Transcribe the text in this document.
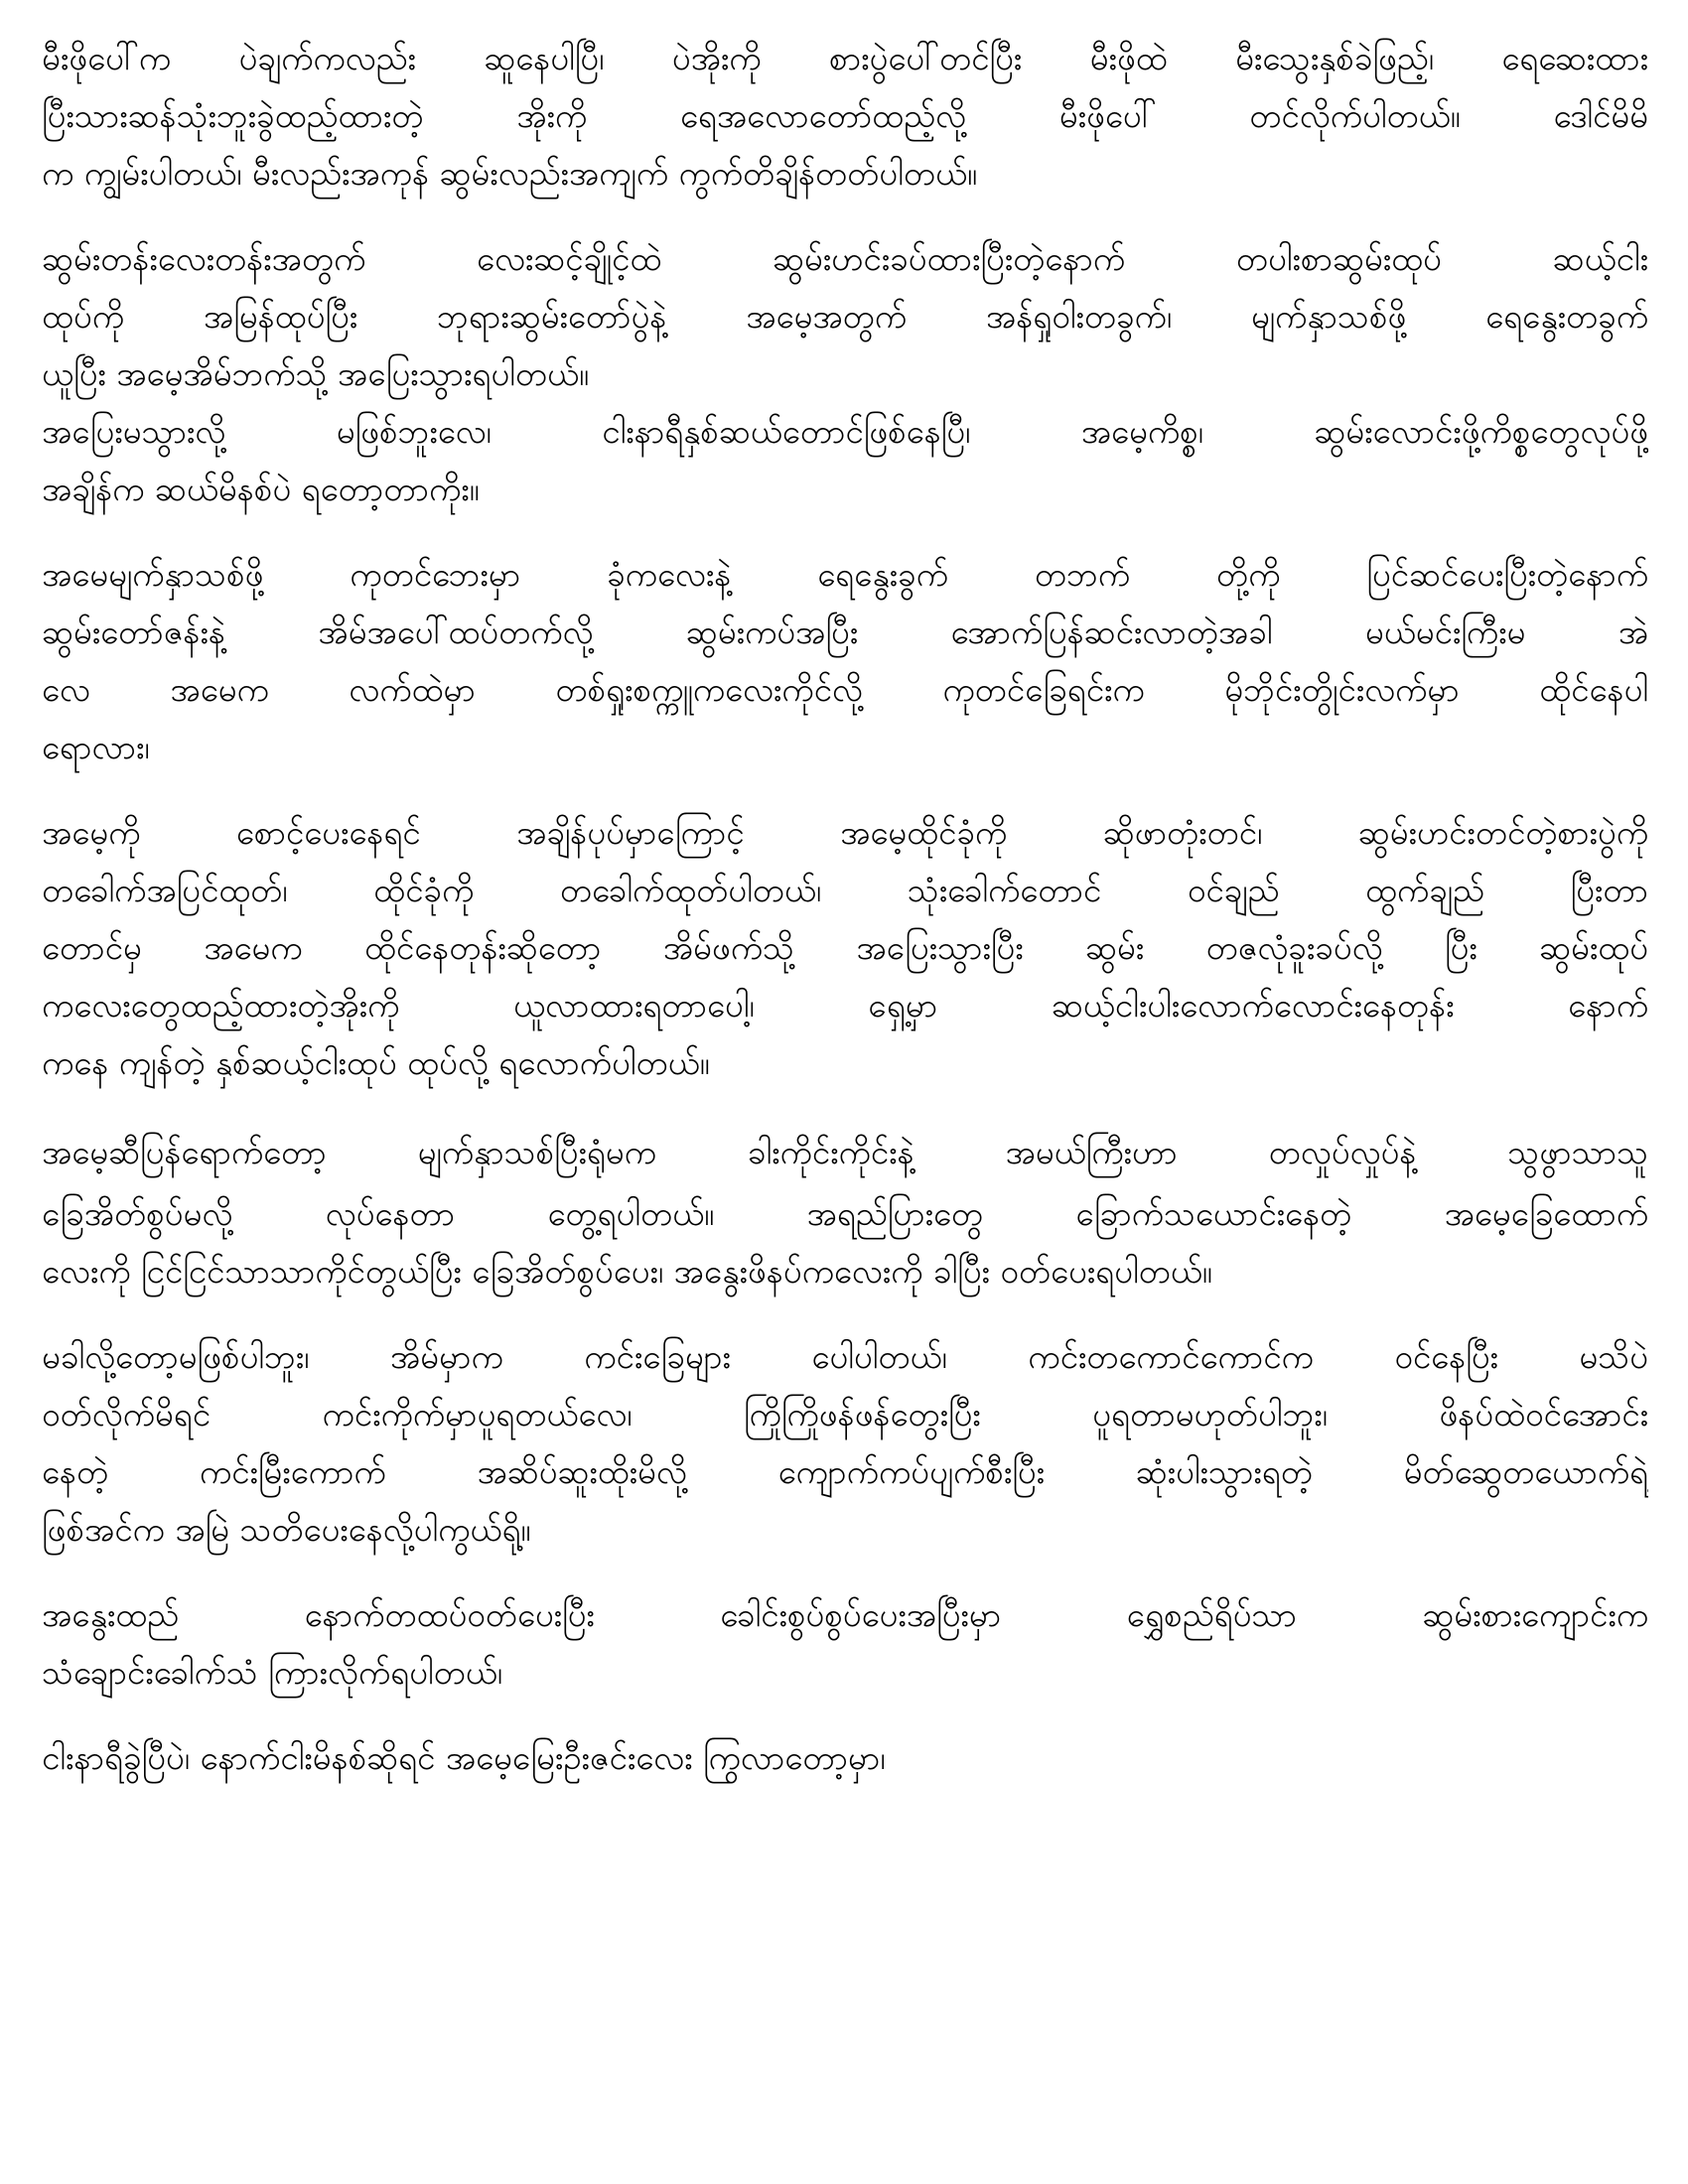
မီးဖိုပေါ်က ပဲချက်ကလည်း ဆူနေပါပြီ၊ ပဲအိုးကို စားပွဲပေါ်တင်ပြီး မီးဖိုထဲ မီးသွေးနှစ်ခဲဖြည့်၊ ရေဆေးထား
ပြီးသားဆန်သုံးဘူးခွဲထည့်ထားတဲ့ အိုးကို ရေအလောတော်ထည့်လို့ မီးဖိုပေါ် တင်လိုက်ပါတယ်။ ဒေါင်မိမိ
က ကျွမ်းပါတယ်၊ မီးလည်းအကုန် ဆွမ်းလည်းအကျက် ကွက်တိချိန်တတ်ပါတယ်။
ဆွမ်းတန်းလေးတန်းအတွက် လေးဆင့်ချိုင့်ထဲ ဆွမ်းဟင်းခပ်ထားပြီးတဲ့နောက် တပါးစာဆွမ်းထုပ် ဆယ့်ငါး
ထုပ်ကို အမြန်ထုပ်ပြီး ဘုရားဆွမ်းတော်ပွဲနဲ့ အမေ့အတွက် အန်ရှုဝါးတခွက်၊ မျက်နှာသစ်ဖို့ ရေနွေးတခွက်
ယူပြီး အမေ့အိမ်ဘက်သို့ အပြေးသွားရပါတယ်။
အပြေးမသွားလို့ မဖြစ်ဘူးလေ၊ ငါးနာရီနှစ်ဆယ်တောင်ဖြစ်နေပြီ၊ အမေ့ကိစ္စ၊ ဆွမ်းလောင်းဖို့ကိစ္စတွေလုပ်ဖို့
အချိန်က ဆယ်မိနစ်ပဲ ရတော့တာကိုး။
အမေမျက်နှာသစ်ဖို့ ကုတင်ဘေးမှာ ခုံကလေးနဲ့ ရေနွေးခွက် တဘက် တို့ကို ပြင်ဆင်ပေးပြီးတဲ့နောက်
ဆွမ်းတော်ဇန်းနဲ့ အိမ်အပေါ်ထပ်တက်လို့ ဆွမ်းကပ်အပြီး အောက်ပြန်ဆင်းလာတဲ့အခါ မယ်မင်းကြီးမ အဲ
လေ အမေက လက်ထဲမှာ တစ်ရှုးစက္ကူကလေးကိုင်လို့ ကုတင်ခြေရင်းက မိုဘိုင်းတွိုင်းလက်မှာ ထိုင်နေပါ
ရောလား၊
အမေ့ကို စောင့်ပေးနေရင် အချိန်ပုပ်မှာကြောင့် အမေ့ထိုင်ခုံကို ဆိုဖာတုံးတင်၊ ဆွမ်းဟင်းတင်တဲ့စားပွဲကို
တခေါက်အပြင်ထုတ်၊ ထိုင်ခုံကို တခေါက်ထုတ်ပါတယ်၊ သုံးခေါက်တောင် ဝင်ချည် ထွက်ချည် ပြီးတာ
တောင်မှ အမေက ထိုင်နေတုန်းဆိုတော့ အိမ်ဖက်သို့ အပြေးသွားပြီး ဆွမ်း တဇလုံခူးခပ်လို့ ပြီး ဆွမ်းထုပ်
ကလေးတွေထည့်ထားတဲ့အိုးကို ယူလာထားရတာပေါ့၊ ရှေ့မှာ ဆယ့်ငါးပါးလောက်လောင်းနေတုန်း နောက်
ကနေ ကျန်တဲ့ နှစ်ဆယ့်ငါးထုပ် ထုပ်လို့ ရလောက်ပါတယ်။
အမေ့ဆီပြန်ရောက်တော့ မျက်နှာသစ်ပြီးရုံမက ခါးကိုင်းကိုင်းနဲ့ အမယ်ကြီးဟာ တလှုပ်လှုပ်နဲ့ သွဖွာသာသူ
ခြေအိတ်စွပ်မလို့ လုပ်နေတာ တွေ့ရပါတယ်။ အရည်ပြားတွေ ခြောက်သယောင်းနေတဲ့ အမေ့ခြေထောက်
လေးကို ငြင်ငြင်သာသာကိုင်တွယ်ပြီး ခြေအိတ်စွပ်ပေး၊ အနွေးဖိနပ်ကလေးကို ခါပြီး ဝတ်ပေးရပါတယ်။
မခါလို့တော့မဖြစ်ပါဘူး၊ အိမ်မှာက ကင်းခြေများ ပေါပါတယ်၊ ကင်းတကောင်ကောင်က ဝင်နေပြီး မသိပဲ
ဝတ်လိုက်မိရင် ကင်းကိုက်မှာပူရတယ်လေ၊ ကြိုကြိုဖန်ဖန်တွေးပြီး ပူရတာမဟုတ်ပါဘူး၊ ဖိနပ်ထဲဝင်အောင်း
နေတဲ့ ကင်းမြီးကောက် အဆိပ်ဆူးထိုးမိလို့ ကျောက်ကပ်ပျက်စီးပြီး ဆုံးပါးသွားရတဲ့ မိတ်ဆွေတယောက်ရဲ့
ဖြစ်အင်က အမြဲ သတိပေးနေလို့ပါကွယ်ရို့။
အနွေးထည် နောက်တထပ်ဝတ်ပေးပြီး ခေါင်းစွပ်စွပ်ပေးအပြီးမှာ ရွှေစည်ရိပ်သာ ဆွမ်းစားကျောင်းက
သံချောင်းခေါက်သံ ကြားလိုက်ရပါတယ်၊
ငါးနာရီခွဲပြီပဲ၊ နောက်ငါးမိနစ်ဆိုရင် အမေ့မြေးဦးဇင်းလေး ကြွလာတော့မှာ၊
